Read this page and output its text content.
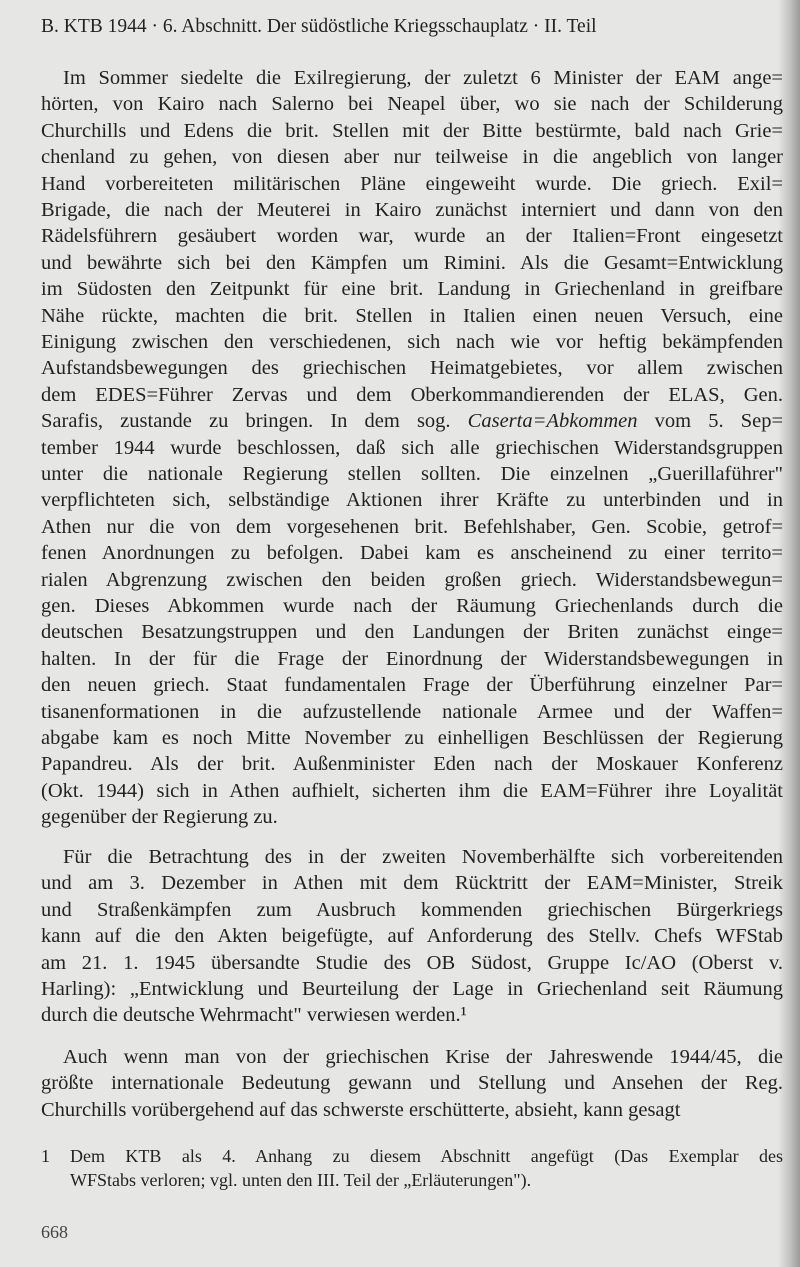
B. KTB 1944 · 6. Abschnitt. Der südöstliche Kriegsschauplatz · II. Teil
Im Sommer siedelte die Exilregierung, der zuletzt 6 Minister der EAM ange=
hörten, von Kairo nach Salerno bei Neapel über, wo sie nach der Schilderung
Churchills und Edens die brit. Stellen mit der Bitte bestürmte, bald nach Grie=
chenland zu gehen, von diesen aber nur teilweise in die angeblich von langer
Hand vorbereiteten militärischen Pläne eingeweiht wurde. Die griech. Exil=
Brigade, die nach der Meuterei in Kairo zunächst interniert und dann von den
Rädelsführern gesäubert worden war, wurde an der Italien=Front eingesetzt
und bewährte sich bei den Kämpfen um Rimini. Als die Gesamt=Entwicklung
im Südosten den Zeitpunkt für eine brit. Landung in Griechenland in greifbare
Nähe rückte, machten die brit. Stellen in Italien einen neuen Versuch, eine
Einigung zwischen den verschiedenen, sich nach wie vor heftig bekämpfenden
Aufstandsbewegungen des griechischen Heimatgebietes, vor allem zwischen
dem EDES=Führer Zervas und dem Oberkommandierenden der ELAS, Gen.
Sarafis, zustande zu bringen. In dem sog. Caserta=Abkommen vom 5. Sep=
tember 1944 wurde beschlossen, daß sich alle griechischen Widerstandsgruppen
unter die nationale Regierung stellen sollten. Die einzelnen „Guerillaführer"
verpflichteten sich, selbständige Aktionen ihrer Kräfte zu unterbinden und in
Athen nur die von dem vorgesehenen brit. Befehlshaber, Gen. Scobie, getrof=
fenen Anordnungen zu befolgen. Dabei kam es anscheinend zu einer territo=
rialen Abgrenzung zwischen den beiden großen griech. Widerstandsbewegun=
gen. Dieses Abkommen wurde nach der Räumung Griechenlands durch die
deutschen Besatzungstruppen und den Landungen der Briten zunächst einge=
halten. In der für die Frage der Einordnung der Widerstandsbewegungen in
den neuen griech. Staat fundamentalen Frage der Überführung einzelner Par=
tisanenformationen in die aufzustellende nationale Armee und der Waffen=
abgabe kam es noch Mitte November zu einhelligen Beschlüssen der Regierung
Papandreu. Als der brit. Außenminister Eden nach der Moskauer Konferenz
(Okt. 1944) sich in Athen aufhielt, sicherten ihm die EAM=Führer ihre Loyalität
gegenüber der Regierung zu.
Für die Betrachtung des in der zweiten Novemberhälfte sich vorbereitenden
und am 3. Dezember in Athen mit dem Rücktritt der EAM=Minister, Streik
und Straßenkämpfen zum Ausbruch kommenden griechischen Bürgerkriegs
kann auf die den Akten beigefügte, auf Anforderung des Stellv. Chefs WFStab
am 21. 1. 1945 übersandte Studie des OB Südost, Gruppe Ic/AO (Oberst v.
Harling): „Entwicklung und Beurteilung der Lage in Griechenland seit Räumung
durch die deutsche Wehrmacht" verwiesen werden.¹
Auch wenn man von der griechischen Krise der Jahreswende 1944/45, die
größte internationale Bedeutung gewann und Stellung und Ansehen der Reg.
Churchills vorübergehend auf das schwerste erschütterte, absieht, kann gesagt
1 Dem KTB als 4. Anhang zu diesem Abschnitt angefügt (Das Exemplar des
WFStabs verloren; vgl. unten den III. Teil der „Erläuterungen").
668
